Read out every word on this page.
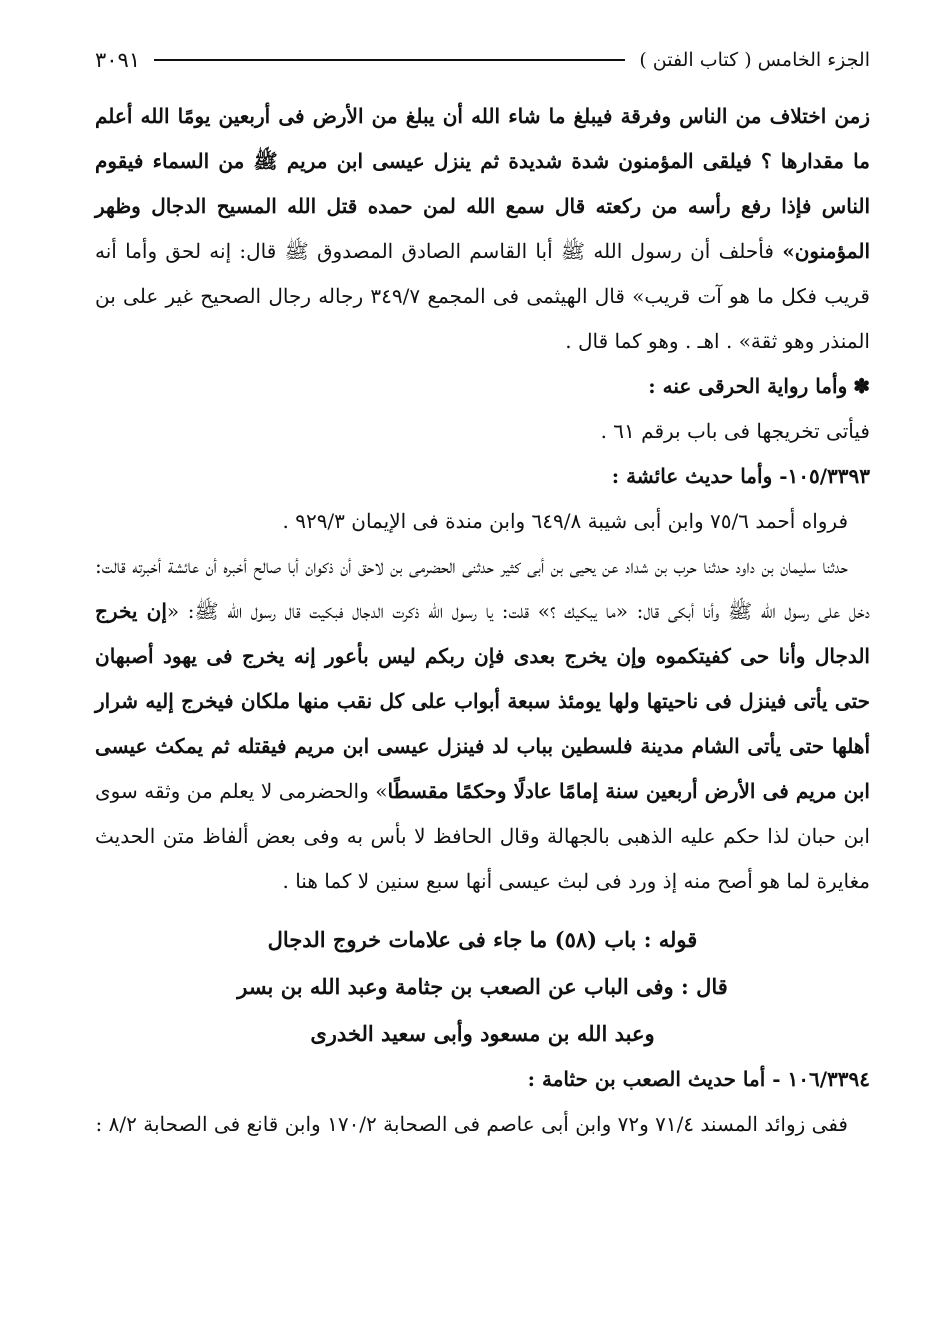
الجزء الخامس ( كتاب الفتن )
٣٠٩١

زمن اختلاف من الناس وفرقة فيبلغ ما شاء الله أن يبلغ من الأرض فى أربعين يومًا الله أعلم ما مقدارها ؟ فيلقى المؤمنون شدة شديدة ثم ينزل عيسى ابن مريم ﷺ من السماء فيقوم الناس فإذا رفع رأسه من ركعته قال سمع الله لمن حمده قتل الله المسيح الدجال وظهر المؤمنون» فأحلف أن رسول الله ﷺ أبا القاسم الصادق المصدوق ﷺ قال: إنه لحق وأما أنه قريب فكل ما هو آت قريب» قال الهيثمى فى المجمع ٣٤٩/٧ رجاله رجال الصحيح غير على بن المنذر وهو ثقة» . اهـ . وهو كما قال .

✽وأما رواية الحرقى عنه :

فيأتى تخريجها فى باب برقم ٦١ .

١٠٥/٣٣٩٣- وأما حديث عائشة :

فرواه أحمد ٧٥/٦ وابن أبى شيبة ٦٤٩/٨ وابن مندة فى الإيمان ٩٢٩/٣ .

حدثنا سليمان بن داود حدثنا حرب بن شداد عن يحيى بن أبى كثير حدثنى الحضرمى بن لاحق أن ذكوان أبا صالح أخبره أن عائشة أخبرته قالت: دخل على رسول الله ﷺ وأنا أبكى قال: «ما يبكيك ؟» قلت: يا رسول الله ذكرت الدجال فبكيت قال رسول الله ﷺ: «إن يخرج الدجال وأنا حى كفيتكموه وإن يخرج بعدى فإن ربكم ليس بأعور إنه يخرج فى يهود أصبهان حتى يأتى فينزل فى ناحيتها ولها يومئذ سبعة أبواب على كل نقب منها ملكان فيخرج إليه شرار أهلها حتى يأتى الشام مدينة فلسطين بباب لد فينزل عيسى ابن مريم فيقتله ثم يمكث عيسى ابن مريم فى الأرض أربعين سنة إمامًا عادلًا وحكمًا مقسطًا» والحضرمى لا يعلم من وثقه سوى ابن حبان لذا حكم عليه الذهبى بالجهالة وقال الحافظ لا بأس به وفى بعض ألفاظ متن الحديث مغايرة لما هو أصح منه إذ ورد فى لبث عيسى أنها سبع سنين لا كما هنا .

قوله : باب (٥٨) ما جاء فى علامات خروج الدجال

قال : وفى الباب عن الصعب بن جثامة وعبد الله بن بسر

وعبد الله بن مسعود وأبى سعيد الخدرى

١٠٦/٣٣٩٤ - أما حديث الصعب بن حثامة :

ففى زوائد المسند ٧١/٤ و٧٢ وابن أبى عاصم فى الصحابة ١٧٠/٢ وابن قانع فى الصحابة ٨/٢ :
